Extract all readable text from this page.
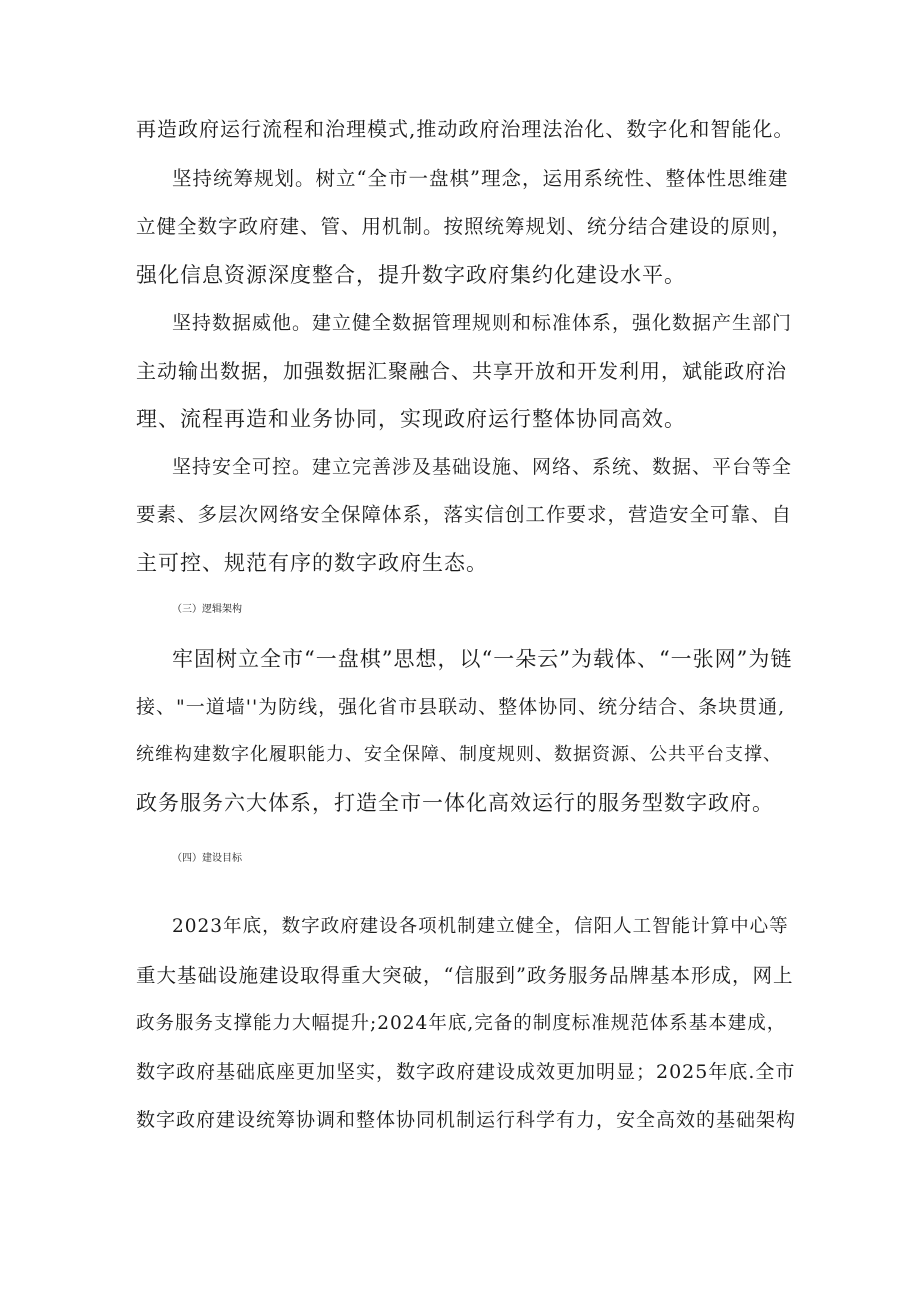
再造政府运行流程和治理模式,推动政府治理法治化、数字化和智能化。
坚持统筹规划。树立“全市一盘棋”理念，运用系统性、整体性思维建
立健全数字政府建、管、用机制。按照统筹规划、统分结合建设的原则，
强化信息资源深度整合，提升数字政府集约化建设水平。
坚持数据威他。建立健全数据管理规则和标准体系，强化数据产生部门
主动输出数据，加强数据汇聚融合、共享开放和开发利用，斌能政府治
理、流程再造和业务协同，实现政府运行整体协同高效。
坚持安全可控。建立完善涉及基础设施、网络、系统、数据、平台等全
要素、多层次网络安全保障体系，落实信创工作要求，营造安全可靠、自
主可控、规范有序的数字政府生态。
（三）逻辑架构
牢固树立全市“一盘棋”思想，以“一朵云”为载体、“一张网”为链
接、"一道墙''为防线，强化省市县联动、整体协同、统分结合、条块贯通,
统维构建数字化履职能力、安全保障、制度规则、数据资源、公共平台支撑、
政务服务六大体系，打造全市一体化高效运行的服务型数字政府。
（四）建设目标
2023年底，数字政府建设各项机制建立健全，信阳人工智能计算中心等
重大基础设施建设取得重大突破，“信服到”政务服务品牌基本形成，网上
政务服务支撑能力大幅提升;2024年底,完备的制度标准规范体系基本建成，
数字政府基础底座更加坚实，数字政府建设成效更加明显；2025年底.全市
数字政府建设统筹协调和整体协同机制运行科学有力，安全高效的基础架构
